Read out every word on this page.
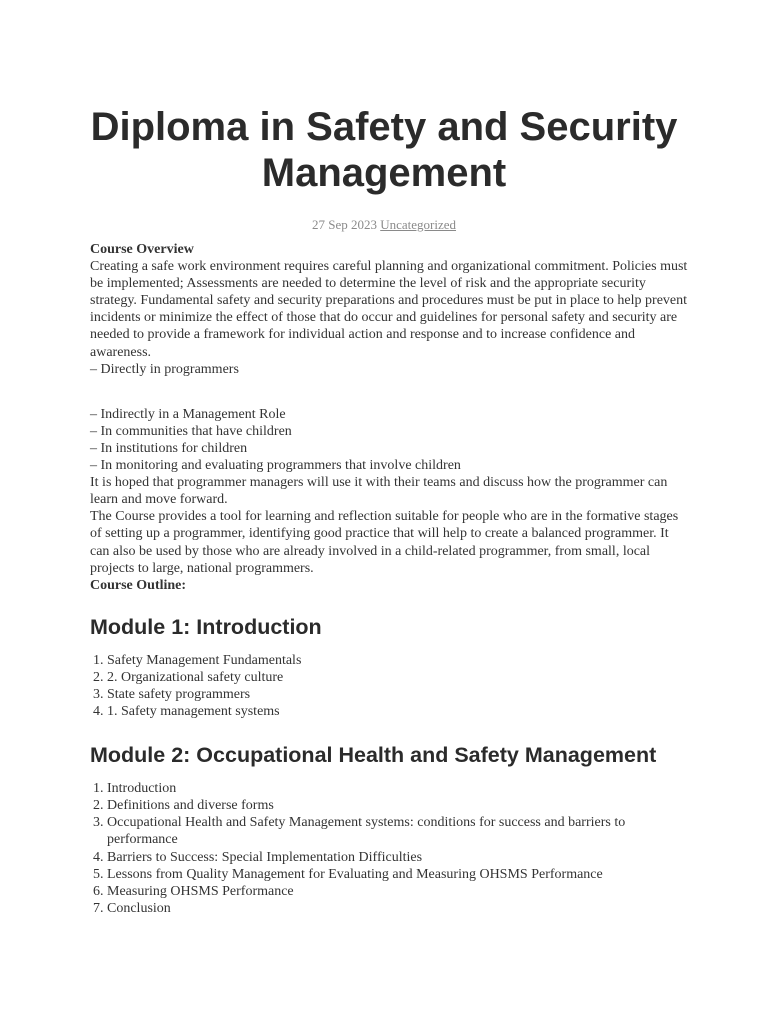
Diploma in Safety and Security Management
27 Sep 2023 Uncategorized

Course Overview

Creating a safe work environment requires careful planning and organizational commitment. Policies must be implemented; Assessments are needed to determine the level of risk and the appropriate security strategy. Fundamental safety and security preparations and procedures must be put in place to help prevent incidents or minimize the effect of those that do occur and guidelines for personal safety and security are needed to provide a framework for individual action and response and to increase confidence and awareness.

– Directly in programmers

– Indirectly in a Management Role

– In communities that have children

– In institutions for children

– In monitoring and evaluating programmers that involve children

It is hoped that programmer managers will use it with their teams and discuss how the programmer can learn and move forward.

The Course provides a tool for learning and reflection suitable for people who are in the formative stages of setting up a programmer, identifying good practice that will help to create a balanced programmer. It can also be used by those who are already involved in a child-related programmer, from small, local projects to large, national programmers.

Course Outline:

Module 1: Introduction
1. Safety Management Fundamentals
2. 2. Organizational safety culture
3. State safety programmers
4. 1. Safety management systems
Module 2: Occupational Health and Safety Management
1. Introduction
2. Definitions and diverse forms
3. Occupational Health and Safety Management systems: conditions for success and barriers to performance
4. Barriers to Success: Special Implementation Difficulties
5. Lessons from Quality Management for Evaluating and Measuring OHSMS Performance
6. Measuring OHSMS Performance
7. Conclusion
